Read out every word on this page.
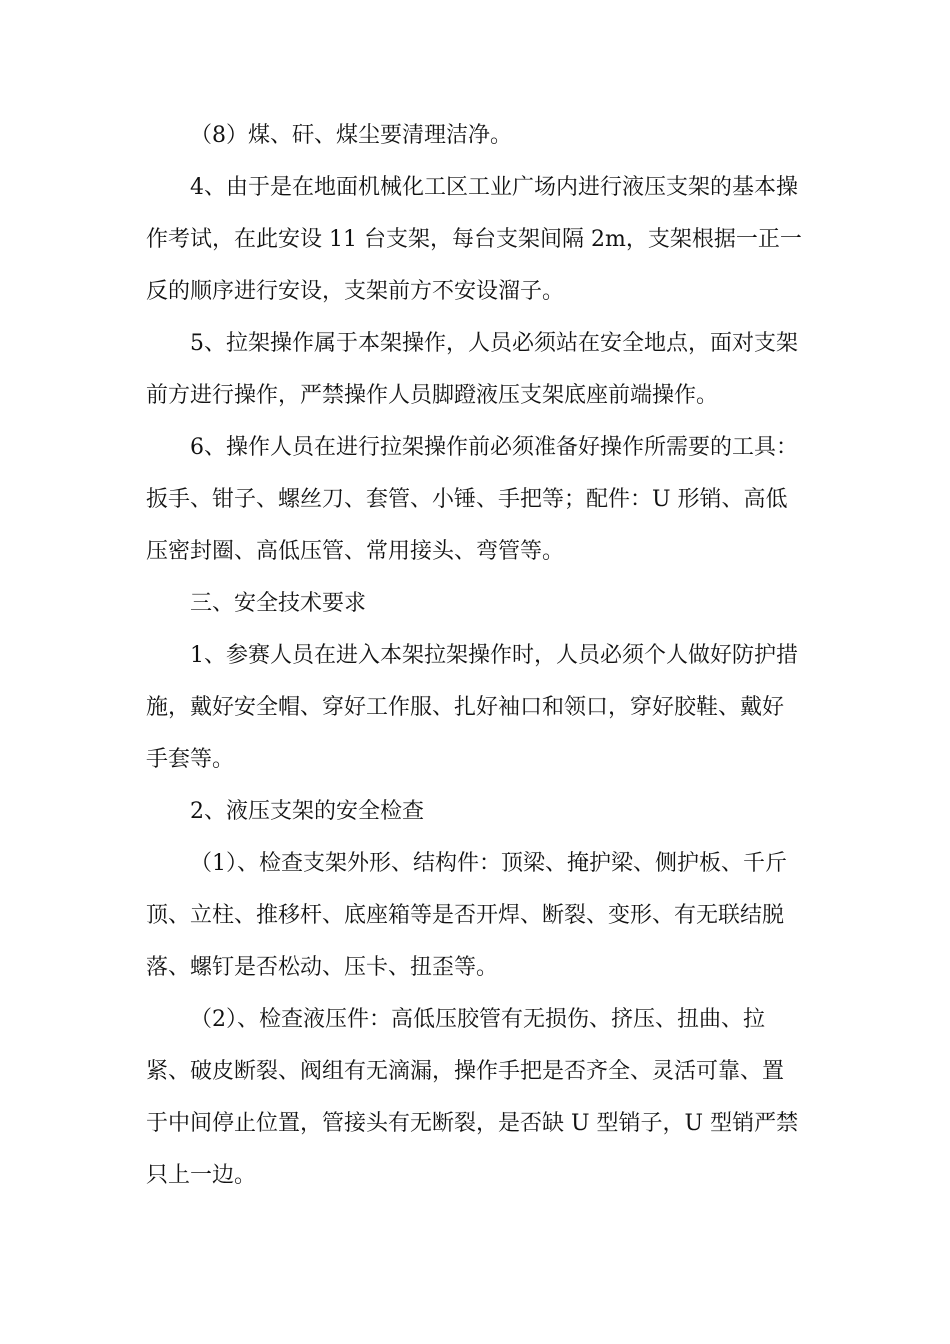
（8）煤、矸、煤尘要清理洁净。
4、由于是在地面机械化工区工业广场内进行液压支架的基本操
作考试，在此安设 11 台支架，每台支架间隔 2m，支架根据一正一
反的顺序进行安设，支架前方不安设溜子。
5、拉架操作属于本架操作，人员必须站在安全地点，面对支架
前方进行操作，严禁操作人员脚蹬液压支架底座前端操作。
6、操作人员在进行拉架操作前必须准备好操作所需要的工具：
扳手、钳子、螺丝刀、套管、小锤、手把等；配件：U 形销、高低
压密封圈、高低压管、常用接头、弯管等。
三、安全技术要求
1、参赛人员在进入本架拉架操作时，人员必须个人做好防护措
施，戴好安全帽、穿好工作服、扎好袖口和领口，穿好胶鞋、戴好
手套等。
2、液压支架的安全检查
（1）、检查支架外形、结构件：顶梁、掩护梁、侧护板、千斤
顶、立柱、推移杆、底座箱等是否开焊、断裂、变形、有无联结脱
落、螺钉是否松动、压卡、扭歪等。
（2）、检查液压件：高低压胶管有无损伤、挤压、扭曲、拉
紧、破皮断裂、阀组有无滴漏，操作手把是否齐全、灵活可靠、置
于中间停止位置，管接头有无断裂，是否缺 U 型销子，U 型销严禁
只上一边。
